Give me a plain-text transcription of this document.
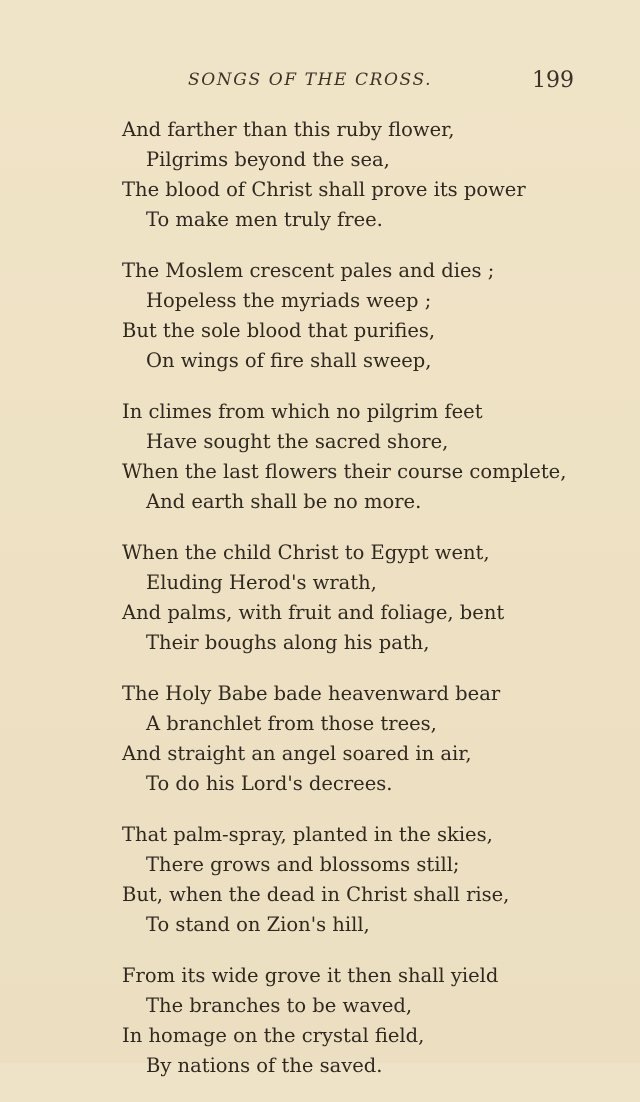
SONGS OF THE CROSS.	199
And farther than this ruby flower,
Pilgrims beyond the sea,
The blood of Christ shall prove its power
To make men truly free.
The Moslem crescent pales and dies ;
Hopeless the myriads weep ;
But the sole blood that purifies,
On wings of fire shall sweep,
In climes from which no pilgrim feet
Have sought the sacred shore,
When the last flowers their course complete,
And earth shall be no more.
When the child Christ to Egypt went,
Eluding Herod's wrath,
And palms, with fruit and foliage, bent
Their boughs along his path,
The Holy Babe bade heavenward bear
A branchlet from those trees,
And straight an angel soared in air,
To do his Lord's decrees.
That palm-spray, planted in the skies,
There grows and blossoms still;
But, when the dead in Christ shall rise,
To stand on Zion's hill,
From its wide grove it then shall yield
The branches to be waved,
In homage on the crystal field,
By nations of the saved.
